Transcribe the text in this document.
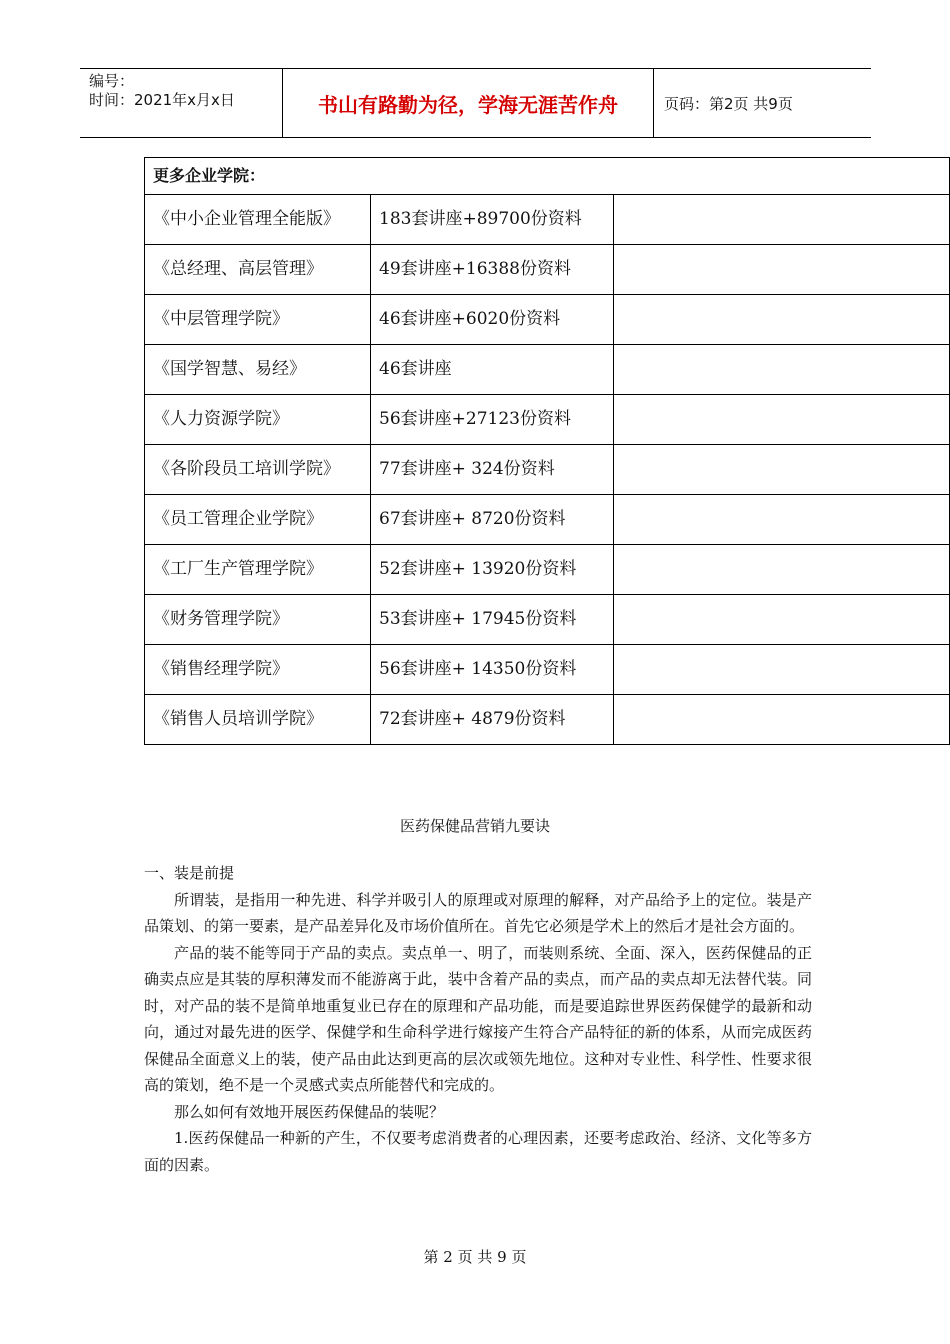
编号：
时间：2021年x月x日	书山有路勤为径，学海无涯苦作舟	页码：第2页 共9页
更多企业学院：		
《中小企业管理全能版》	183套讲座+89700份资料	
《总经理、高层管理》	49套讲座+16388份资料	
《中层管理学院》	46套讲座+6020份资料	
《国学智慧、易经》	46套讲座	
《人力资源学院》	56套讲座+27123份资料	
《各阶段员工培训学院》	77套讲座+ 324份资料	
《员工管理企业学院》	67套讲座+ 8720份资料	
《工厂生产管理学院》	52套讲座+ 13920份资料	
《财务管理学院》	53套讲座+ 17945份资料	
《销售经理学院》	56套讲座+ 14350份资料	
《销售人员培训学院》	72套讲座+ 4879份资料	
医药保健品营销九要诀

一、装是前提

所谓装，是指用一种先进、科学并吸引人的原理或对原理的解释，对产品给予上的定位。装是产品策划、的第一要素，是产品差异化及市场价值所在。首先它必须是学术上的然后才是社会方面的。

产品的装不能等同于产品的卖点。卖点单一、明了，而装则系统、全面、深入，医药保健品的正确卖点应是其装的厚积薄发而不能游离于此，装中含着产品的卖点，而产品的卖点却无法替代装。同时，对产品的装不是简单地重复业已存在的原理和产品功能，而是要追踪世界医药保健学的最新和动向，通过对最先进的医学、保健学和生命科学进行嫁接产生符合产品特征的新的体系，从而完成医药保健品全面意义上的装，使产品由此达到更高的层次或领先地位。这种对专业性、科学性、性要求很高的策划，绝不是一个灵感式卖点所能替代和完成的。

那么如何有效地开展医药保健品的装呢？

1.医药保健品一种新的产生，不仅要考虑消费者的心理因素，还要考虑政治、经济、文化等多方面的因素。

第 2 页 共 9 页
